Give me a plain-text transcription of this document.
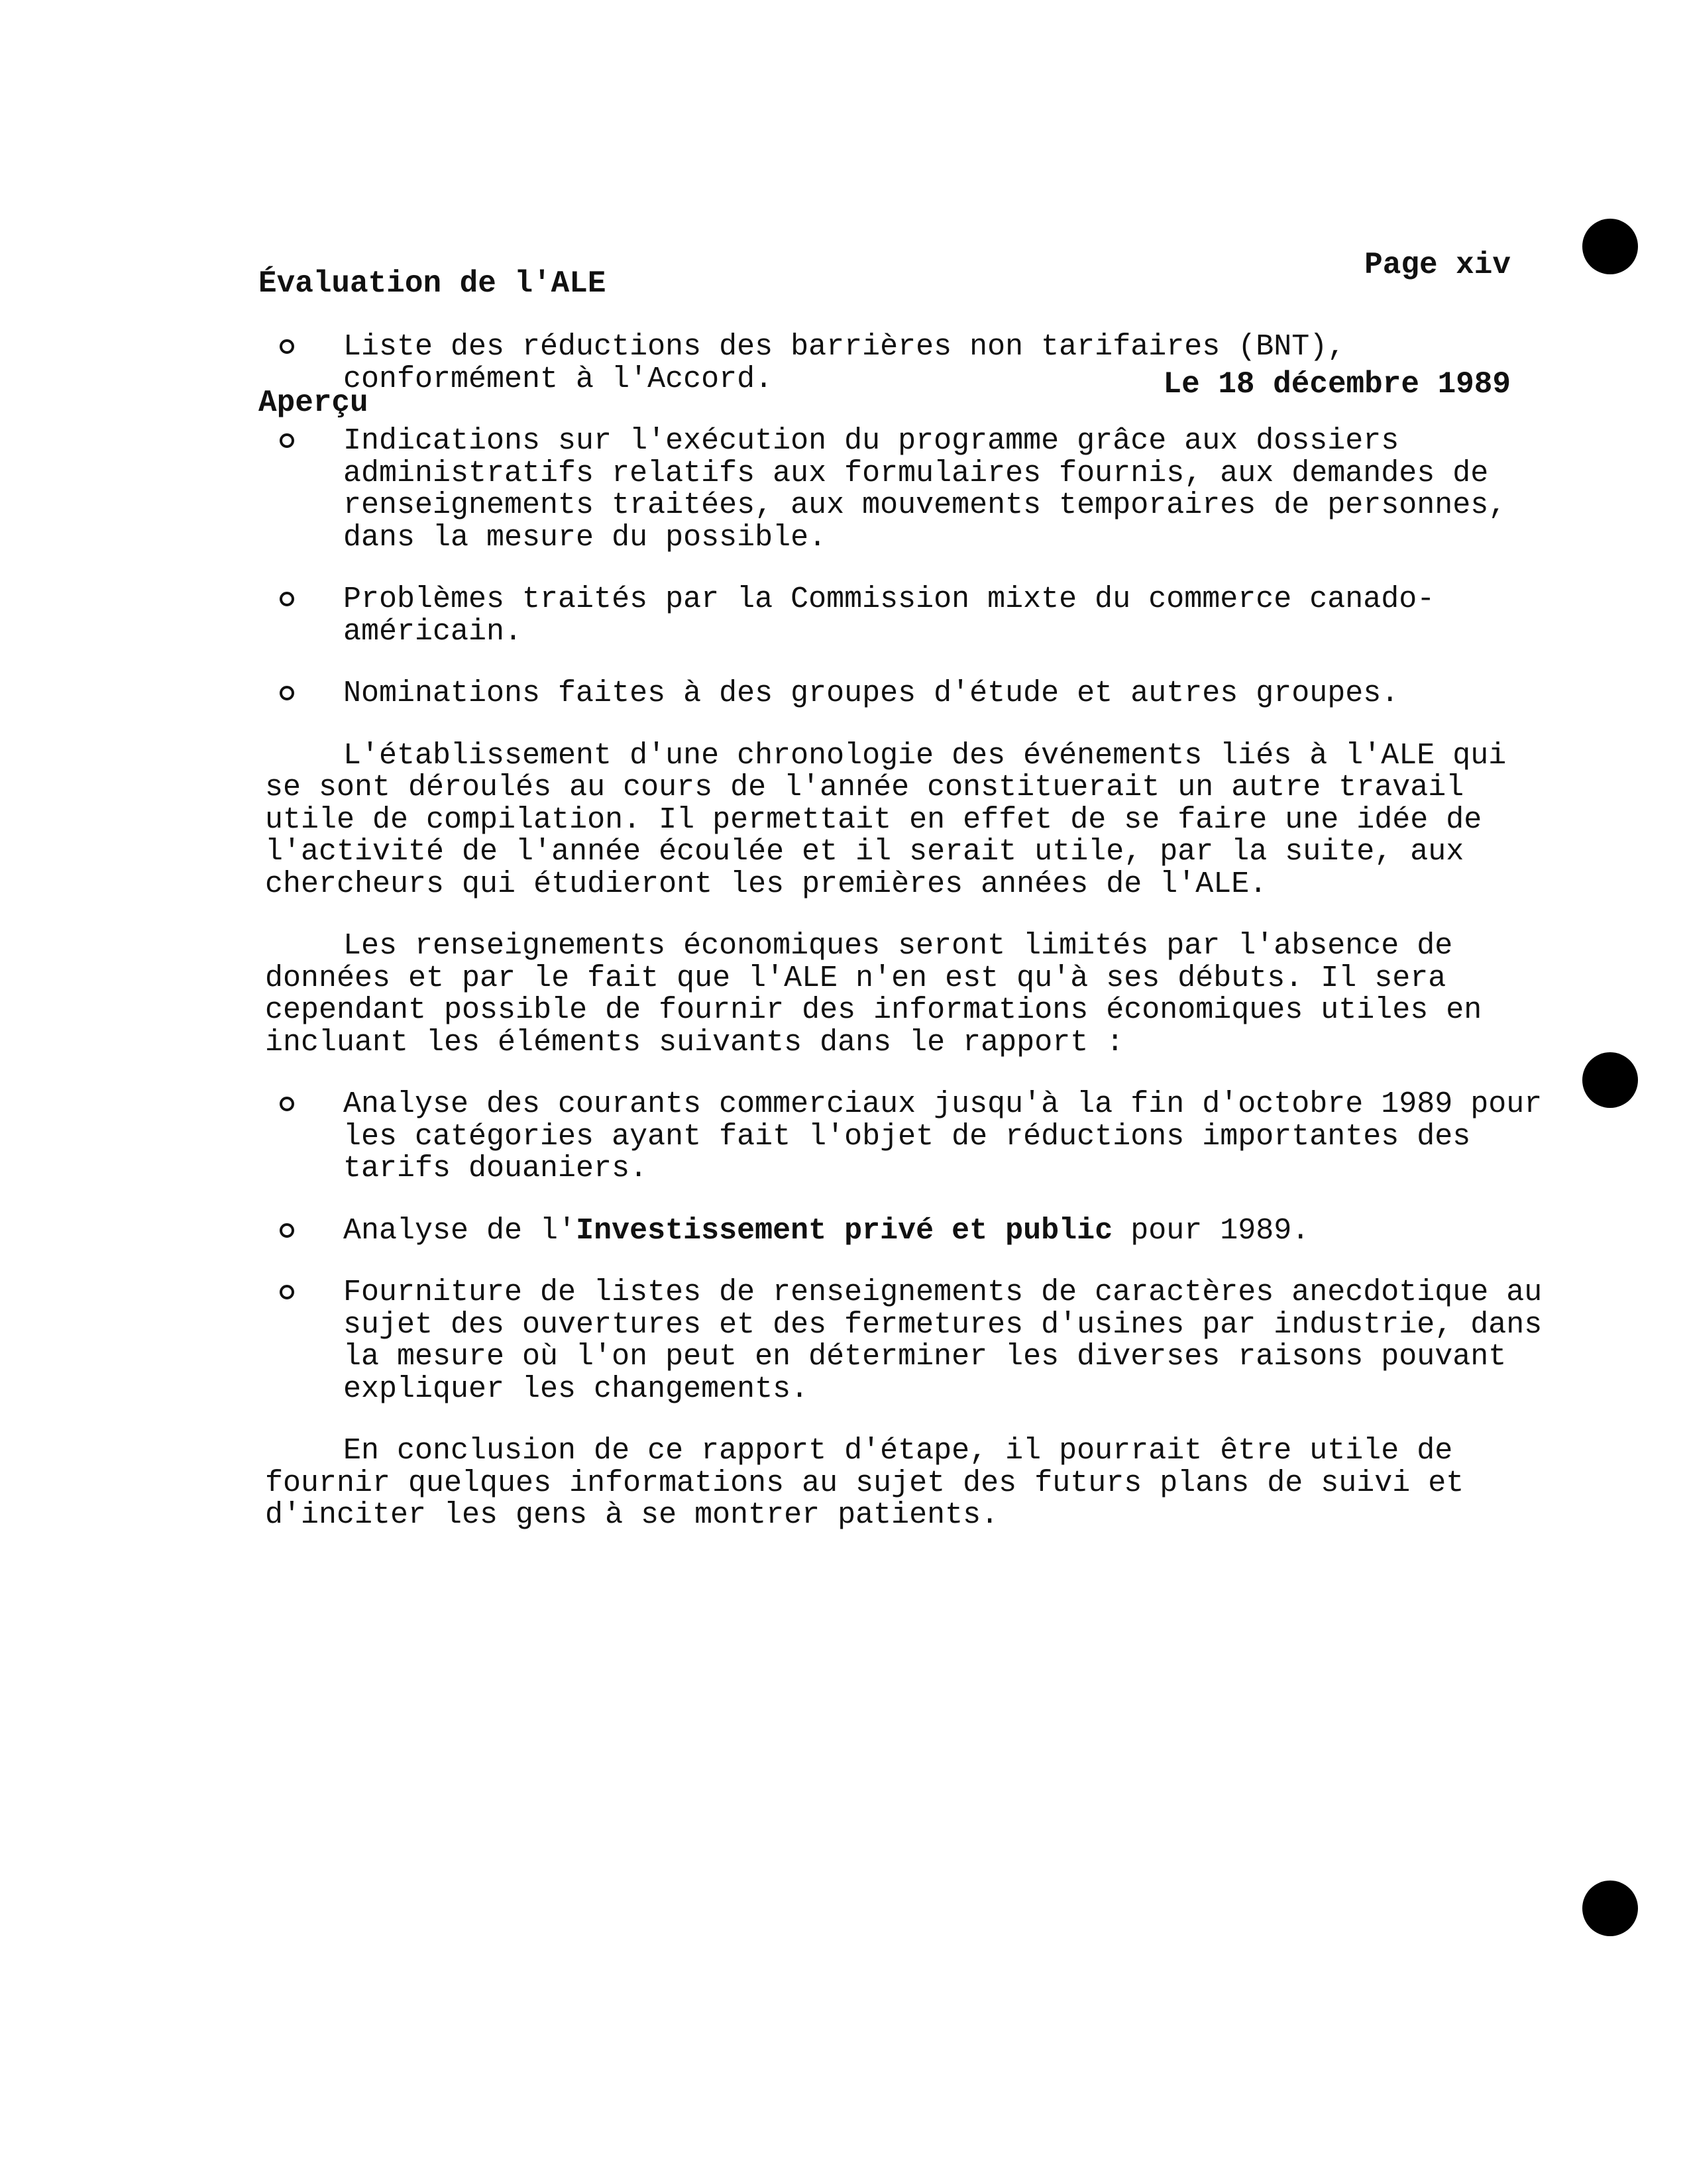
Évaluation de l'ALE

Aperçu

Page xiv

Le 18 décembre 1989

Liste des réductions des barrières non tarifaires (BNT), conformément à l'Accord.
Indications sur l'exécution du programme grâce aux dossiers administratifs relatifs aux formulaires fournis, aux demandes de renseignements traitées, aux mouvements temporaires de personnes, dans la mesure du possible.
Problèmes traités par la Commission mixte du commerce canado-américain.
Nominations faites à des groupes d'étude et autres groupes.

L'établissement d'une chronologie des événements liés à l'ALE qui se sont déroulés au cours de l'année constituerait un autre travail utile de compilation. Il permettait en effet de se faire une idée de l'activité de l'année écoulée et il serait utile, par la suite, aux chercheurs qui étudieront les premières années de l'ALE.

Les renseignements économiques seront limités par l'absence de données et par le fait que l'ALE n'en est qu'à ses débuts. Il sera cependant possible de fournir des informations économiques utiles en incluant les éléments suivants dans le rapport :

Analyse des courants commerciaux jusqu'à la fin d'octobre 1989 pour les catégories ayant fait l'objet de réductions importantes des tarifs douaniers.
Analyse de l'Investissement privé et public pour 1989.
Fourniture de listes de renseignements de caractères anecdotique au sujet des ouvertures et des fermetures d'usines par industrie, dans la mesure où l'on peut en déterminer les diverses raisons pouvant expliquer les changements.

En conclusion de ce rapport d'étape, il pourrait être utile de fournir quelques informations au sujet des futurs plans de suivi et d'inciter les gens à se montrer patients.
